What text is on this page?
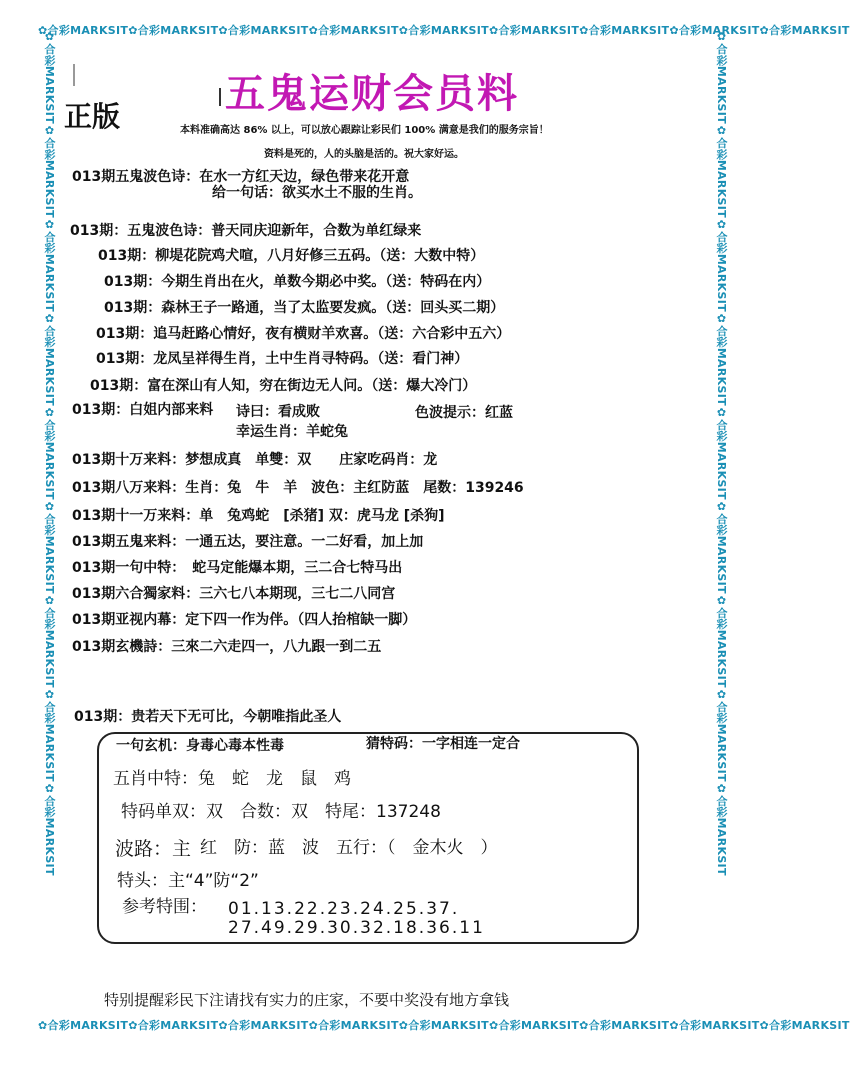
✿合彩MARKSIT✿合彩MARKSIT✿合彩MARKSIT✿合彩MARKSIT✿合彩MARKSIT✿合彩MARKSIT✿合彩MARKSIT✿合彩MARKSIT✿合彩MARKSIT
✿合彩MARKSIT✿合彩MARKSIT✿合彩MARKSIT✿合彩MARKSIT✿合彩MARKSIT✿合彩MARKSIT✿合彩MARKSIT✿合彩MARKSIT✿合彩MARKSIT
✿合彩MARKSIT✿合彩MARKSIT✿合彩MARKSIT✿合彩MARKSIT✿合彩MARKSIT✿合彩MARKSIT✿合彩MARKSIT✿合彩MARKSIT✿合彩MARKSIT	✿合彩MARKSIT✿合彩MARKSIT✿合彩MARKSIT✿合彩MARKSIT✿合彩MARKSIT✿合彩MARKSIT✿合彩MARKSIT✿合彩MARKSIT✿合彩MARKSIT
五鬼运财会员料
正版	本料准确高达 86% 以上，可以放心跟踪让彩民们 100% 满意是我们的服务宗旨！
资料是死的，人的头脑是活的。祝大家好运。
013期五鬼波色诗：在水一方红天边，绿色带来花开意
给一句话：欲买水土不服的生肖。
013期：五鬼波色诗：普天同庆迎新年，合数为单红绿来
013期：柳堤花院鸡犬喧，八月好修三五码。（送：大数中特）
013期：今期生肖出在火，单数今期必中奖。（送：特码在内）
013期：森林王子一路通，当了太监要发疯。（送：回头买二期）
013期：追马赶路心情好，夜有横财羊欢喜。（送：六合彩中五六）
013期：龙凤呈祥得生肖，土中生肖寻特码。（送：看门神）
013期：富在深山有人知，穷在街边无人问。（送：爆大冷门）
013期：白姐内部来料 诗曰：看成败	色波提示：红蓝
幸运生肖：羊蛇兔
013期十万来料：梦想成真　单雙：双　　庄家吃码肖：龙
013期八万来料：生肖：兔　牛　羊　波色：主红防蓝　尾数：139246
013期十一万来料：单　兔鸡蛇　[杀猪] 双：虎马龙 [杀狗]
013期五鬼来料：一通五达，要注意。一二好看，加上加
013期一句中特：　蛇马定能爆本期，三二合七特马出
013期六合獨家料：三六七八本期现，三七二八同宫
013期亚视内幕：定下四一作为伴。（四人抬棺缺一脚）
013期玄機詩：三來二六走四一，八九跟一到二五
013期：贵若天下无可比，今朝唯指此圣人
一句玄机：身毒心毒本性毒	猜特码：一字相连一定合
五肖中特：兔　蛇　龙　鼠　鸡
特码单双：双　合数：双　特尾：137248
波路：主 红　防：蓝　波　五行：（　金木火　）
特头：主“4”防“2”
参考特围： 01.13.22.23.24.25.37.
27.49.29.30.32.18.36.11
特别提醒彩民下注请找有实力的庄家，不要中奖没有地方拿钱
